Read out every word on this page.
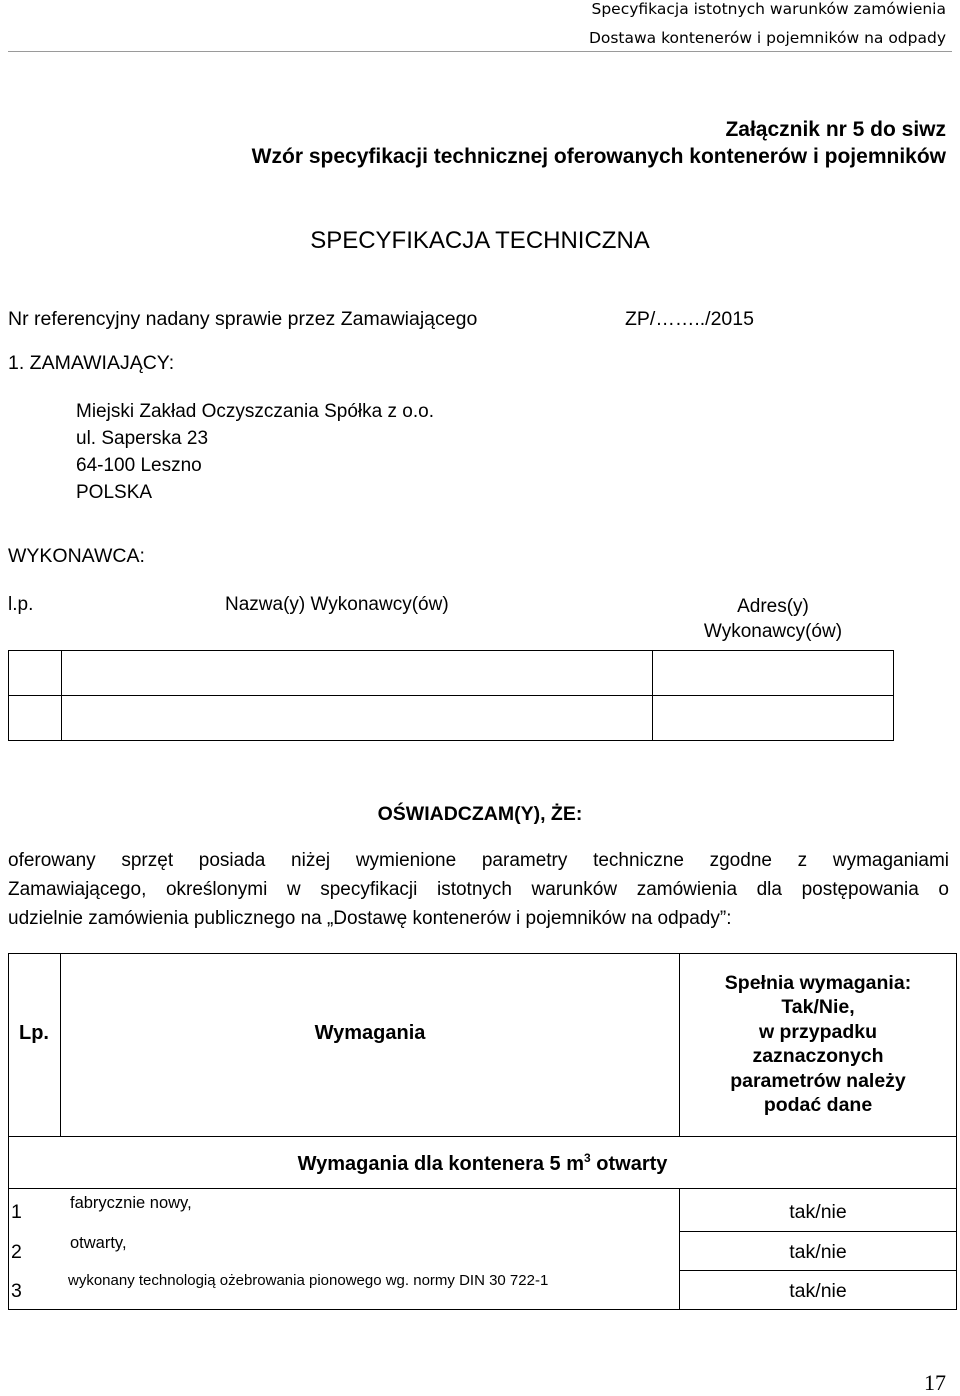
Specyfikacja istotnych warunków zamówienia
Dostawa kontenerów i pojemników na odpady
Załącznik nr 5 do siwz
Wzór specyfikacji technicznej oferowanych kontenerów i pojemników
SPECYFIKACJA TECHNICZNA
Nr referencyjny nadany sprawie przez Zamawiającego	ZP/……../2015
1. ZAMAWIAJĄCY:
Miejski Zakład Oczyszczania Spółka z o.o.
ul. Saperska 23
64-100 Leszno
POLSKA
WYKONAWCA:
l.p.	Nazwa(y) Wykonawcy(ów)	Adres(y)
Wykonawcy(ów)
OŚWIADCZAM(Y), ŻE:
oferowany sprzęt posiada niżej wymienione parametry techniczne zgodne z wymaganiami
Zamawiającego, określonymi w specyfikacji istotnych warunków zamówienia dla postępowania o
udzielnie zamówienia publicznego na „Dostawę kontenerów i pojemników na odpady”:
Lp.	Wymagania
Spełnia wymagania:
Tak/Nie,
w przypadku
zaznaczonych
parametrów należy
podać dane
Wymagania dla kontenera 5 $m^3$ otwarty
1	fabrycznie nowy,	tak/nie
2	otwarty,	tak/nie
3	wykonany technologią ożebrowania pionowego wg. normy DIN 30 722-1	tak/nie
17
